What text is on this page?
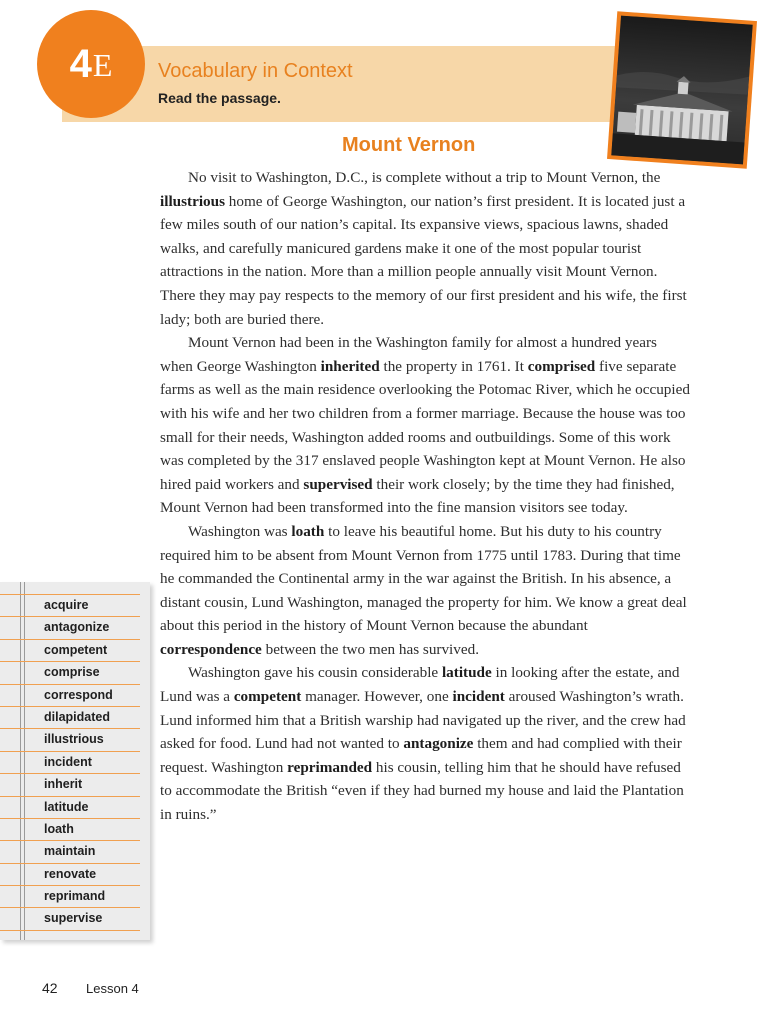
4 E Vocabulary in Context
Read the passage.
Mount Vernon

No visit to Washington, D.C., is complete without a trip to Mount Vernon, the illustrious home of George Washington, our nation’s first president. It is located just a few miles south of our nation’s capital. Its expansive views, spacious lawns, shaded walks, and carefully manicured gardens make it one of the most popular tourist attractions in the nation. More than a million people annually visit Mount Vernon. There they may pay respects to the memory of our first president and his wife, the first lady; both are buried there.

Mount Vernon had been in the Washington family for almost a hundred years when George Washington inherited the property in 1761. It comprised five separate farms as well as the main residence overlooking the Potomac River, which he occupied with his wife and her two children from a former marriage. Because the house was too small for their needs, Washington added rooms and outbuildings. Some of this work was completed by the 317 enslaved people Washington kept at Mount Vernon. He also hired paid workers and supervised their work closely; by the time they had finished, Mount Vernon had been transformed into the fine mansion visitors see today.

Washington was loath to leave his beautiful home. But his duty to his country required him to be absent from Mount Vernon from 1775 until 1783. During that time he commanded the Continental army in the war against the British. In his absence, a distant cousin, Lund Washington, managed the property for him. We know a great deal about this period in the history of Mount Vernon because the abundant correspondence between the two men has survived.

Washington gave his cousin considerable latitude in looking after the estate, and Lund was a competent manager. However, one incident aroused Washington’s wrath. Lund informed him that a British warship had navigated up the river, and the crew had asked for food. Lund had not wanted to antagonize them and had complied with their request. Washington reprimanded his cousin, telling him that he should have refused to accommodate the British “even if they had burned my house and laid the Plantation in ruins.”

acquire
antagonize
competent
comprise
correspond
dilapidated
illustrious
incident
inherit
latitude
loath
maintain
renovate
reprimand
supervise
42 Lesson 4
